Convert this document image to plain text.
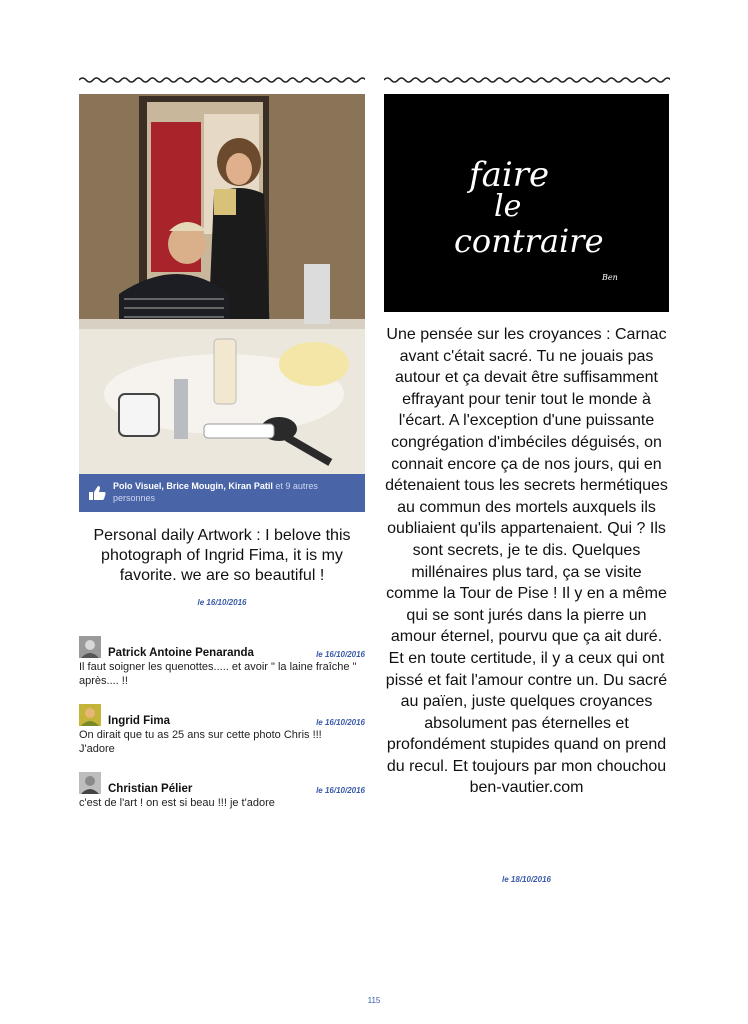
Polo Visuel, Brice Mougin, Kiran Patil et 9 autres personnes
Personal daily Artwork : I belove this photograph of Ingrid Fima, it is my favorite. we are so beautiful !
le 16/10/2016
Patrick Antoine Penaranda	le 16/10/2016
Il faut soigner les quenottes..... et avoir " la laine fraîche " après.... !!
Ingrid Fima	le 16/10/2016
On dirait que tu as 25 ans sur cette photo Chris !!! J'adore
Christian Pélier	le 16/10/2016
c'est de l'art ! on est si beau !!! je t'adore
faire
le
contraire
Ben
Une pensée sur les croyances : Carnac avant c'était sacré. Tu ne jouais pas autour et ça devait être suffisamment effrayant pour tenir tout le monde à l'écart. A l'exception d'une puissante congrégation d'imbéciles déguisés, on connait encore ça de nos jours, qui en détenaient tous les secrets hermétiques au commun des mortels auxquels ils oubliaient qu'ils appartenaient. Qui ? Ils sont secrets, je te dis. Quelques millénaires plus tard, ça se visite comme la Tour de Pise ! Il y en a même qui se sont jurés dans la pierre un amour éternel, pourvu que ça ait duré. Et en toute certitude, il y a ceux qui ont pissé et fait l'amour contre un. Du sacré au païen, juste quelques croyances absolument pas éternelles et profondément stupides quand on prend du recul. Et toujours par mon chouchou ben-vautier.com
le 18/10/2016
115
